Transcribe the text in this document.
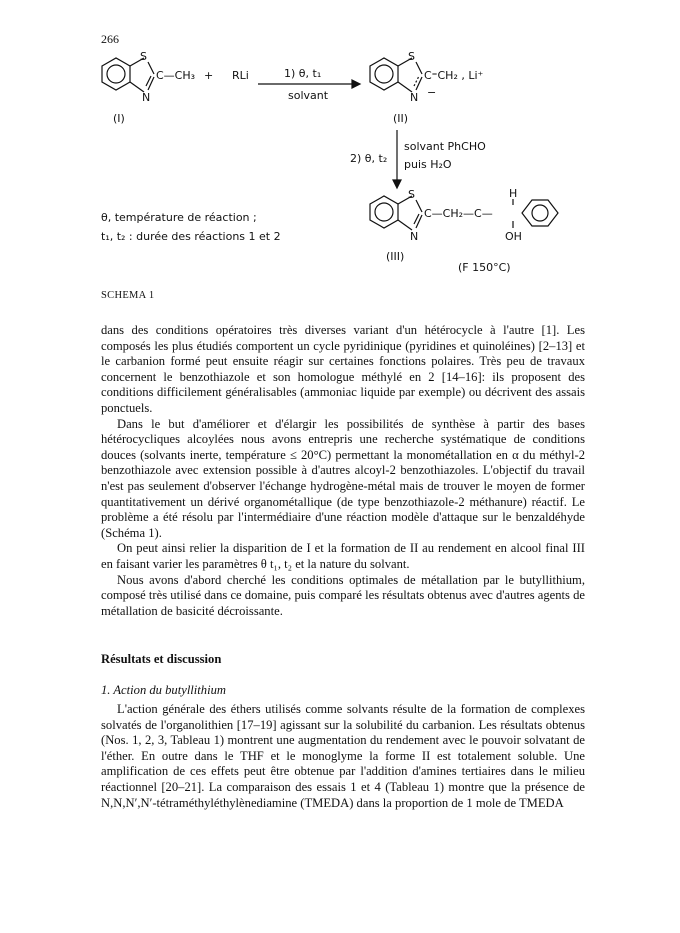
266
S
N
C—CH₃
(I)
+ RLi	1) θ, t₁
solvant
S
N −
C⁼CH₂ , Li⁺
(II)
2) θ, t₂
solvant PhCHO
puis H₂O
S
N
C—CH₂—C—
H
OH
(III)
(F 150°C)
θ, température de réaction ;
t₁, t₂ : durée des réactions 1 et 2
SCHEMA 1

dans des conditions opératoires très diverses variant d'un hétérocycle à l'autre [1]. Les composés les plus étudiés comportent un cycle pyridinique (pyridines et quinoléines) [2–13] et le carbanion formé peut ensuite réagir sur certaines fonctions polaires. Très peu de travaux concernent le benzothiazole et son homologue méthylé en 2 [14–16]: ils proposent des conditions difficilement généralisables (ammoniac liquide par exemple) ou décrivent des assais ponctuels.

Dans le but d'améliorer et d'élargir les possibilités de synthèse à partir des bases hétérocycliques alcoylées nous avons entrepris une recherche systématique de conditions douces (solvants inerte, température ≤ 20°C) permettant la monométallation en α du méthyl-2 benzothiazole avec extension possible à d'autres alcoyl-2 benzothiazoles. L'objectif du travail n'est pas seulement d'observer l'échange hydrogène-métal mais de trouver le moyen de former quantitativement un dérivé organométallique (de type benzothiazole-2 méthanure) réactif. Le problème a été résolu par l'intermédiaire d'une réaction modèle d'attaque sur le benzaldéhyde (Schéma 1).

On peut ainsi relier la disparition de I et la formation de II au rendement en alcool final III en faisant varier les paramètres θ t₁, t₂ et la nature du solvant.

Nous avons d'abord cherché les conditions optimales de métallation par le butyllithium, composé très utilisé dans ce domaine, puis comparé les résultats obtenus avec d'autres agents de métallation de basicité décroissante.

Résultats et discussion
1. Action du butyllithium

L'action générale des éthers utilisés comme solvants résulte de la formation de complexes solvatés de l'organolithien [17–19] agissant sur la solubilité du carbanion. Les résultats obtenus (Nos. 1, 2, 3, Tableau 1) montrent une augmentation du rendement avec le pouvoir solvatant de l'éther. En outre dans le THF et le monoglyme la forme II est totalement soluble. Une amplification de ces effets peut être obtenue par l'addition d'amines tertiaires dans le milieu réactionnel [20–21]. La comparaison des essais 1 et 4 (Tableau 1) montre que la présence de N,N,N′,N′-tétraméthyléthylènediamine (TMEDA) dans la proportion de 1 mole de TMEDA
